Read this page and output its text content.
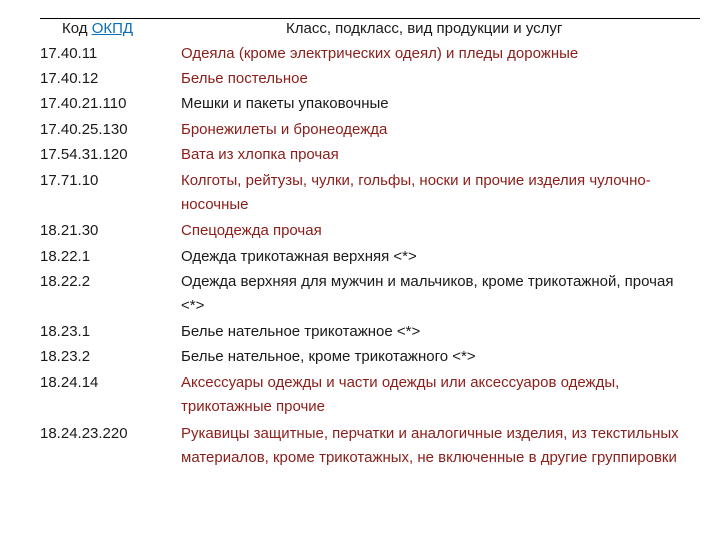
Код ОКПД	Класс, подкласс, вид продукции и услуг
17.40.11	Одеяла (кроме электрических одеял) и пледы дорожные
17.40.12	Белье постельное
17.40.21.110	Мешки и пакеты упаковочные
17.40.25.130	Бронежилеты и бронеодежда
17.54.31.120	Вата из хлопка прочая
17.71.10	Колготы, рейтузы, чулки, гольфы, носки и прочие изделия чулочно-носочные
18.21.30	Спецодежда прочая
18.22.1	Одежда трикотажная верхняя <*>
18.22.2	Одежда верхняя для мужчин и мальчиков, кроме трикотажной, прочая <*>
18.23.1	Белье нательное трикотажное <*>
18.23.2	Белье нательное, кроме трикотажного <*>
18.24.14	Аксессуары одежды и части одежды или аксессуаров одежды, трикотажные прочие
18.24.23.220	Рукавицы защитные, перчатки и аналогичные изделия, из текстильных материалов, кроме трикотажных, не включенные в другие группировки
